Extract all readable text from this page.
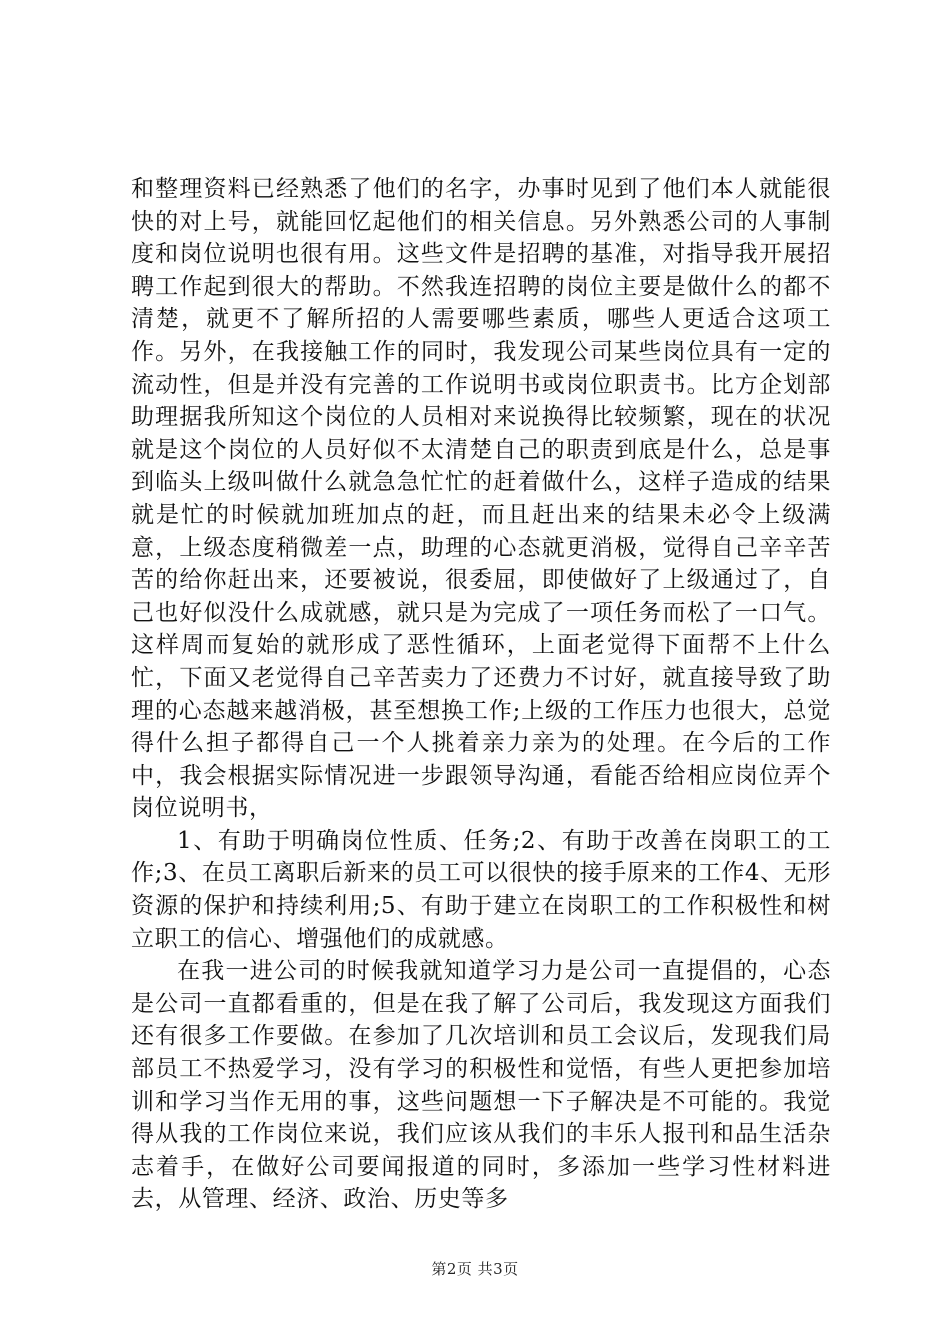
和整理资料已经熟悉了他们的名字，办事时见到了他们本人就能很快的对上号，就能回忆起他们的相关信息。另外熟悉公司的人事制度和岗位说明也很有用。这些文件是招聘的基准，对指导我开展招聘工作起到很大的帮助。不然我连招聘的岗位主要是做什么的都不清楚，就更不了解所招的人需要哪些素质，哪些人更适合这项工作。另外，在我接触工作的同时，我发现公司某些岗位具有一定的流动性，但是并没有完善的工作说明书或岗位职责书。比方企划部助理据我所知这个岗位的人员相对来说换得比较频繁，现在的状况就是这个岗位的人员好似不太清楚自己的职责到底是什么，总是事到临头上级叫做什么就急急忙忙的赶着做什么，这样子造成的结果就是忙的时候就加班加点的赶，而且赶出来的结果未必令上级满意，上级态度稍微差一点，助理的心态就更消极，觉得自己辛辛苦苦的给你赶出来，还要被说，很委屈，即使做好了上级通过了，自己也好似没什么成就感，就只是为完成了一项任务而松了一口气。这样周而复始的就形成了恶性循环，上面老觉得下面帮不上什么忙，下面又老觉得自己辛苦卖力了还费力不讨好，就直接导致了助理的心态越来越消极，甚至想换工作;上级的工作压力也很大，总觉得什么担子都得自己一个人挑着亲力亲为的处理。在今后的工作中，我会根据实际情况进一步跟领导沟通，看能否给相应岗位弄个岗位说明书，

1、有助于明确岗位性质、任务;2、有助于改善在岗职工的工作;3、在员工离职后新来的员工可以很快的接手原来的工作4、无形资源的保护和持续利用;5、有助于建立在岗职工的工作积极性和树立职工的信心、增强他们的成就感。

在我一进公司的时候我就知道学习力是公司一直提倡的，心态是公司一直都看重的，但是在我了解了公司后，我发现这方面我们还有很多工作要做。在参加了几次培训和员工会议后，发现我们局部员工不热爱学习，没有学习的积极性和觉悟，有些人更把参加培训和学习当作无用的事，这些问题想一下子解决是不可能的。我觉得从我的工作岗位来说，我们应该从我们的丰乐人报刊和品生活杂志着手，在做好公司要闻报道的同时，多添加一些学习性材料进去，从管理、经济、政治、历史等多

第2页 共3页
